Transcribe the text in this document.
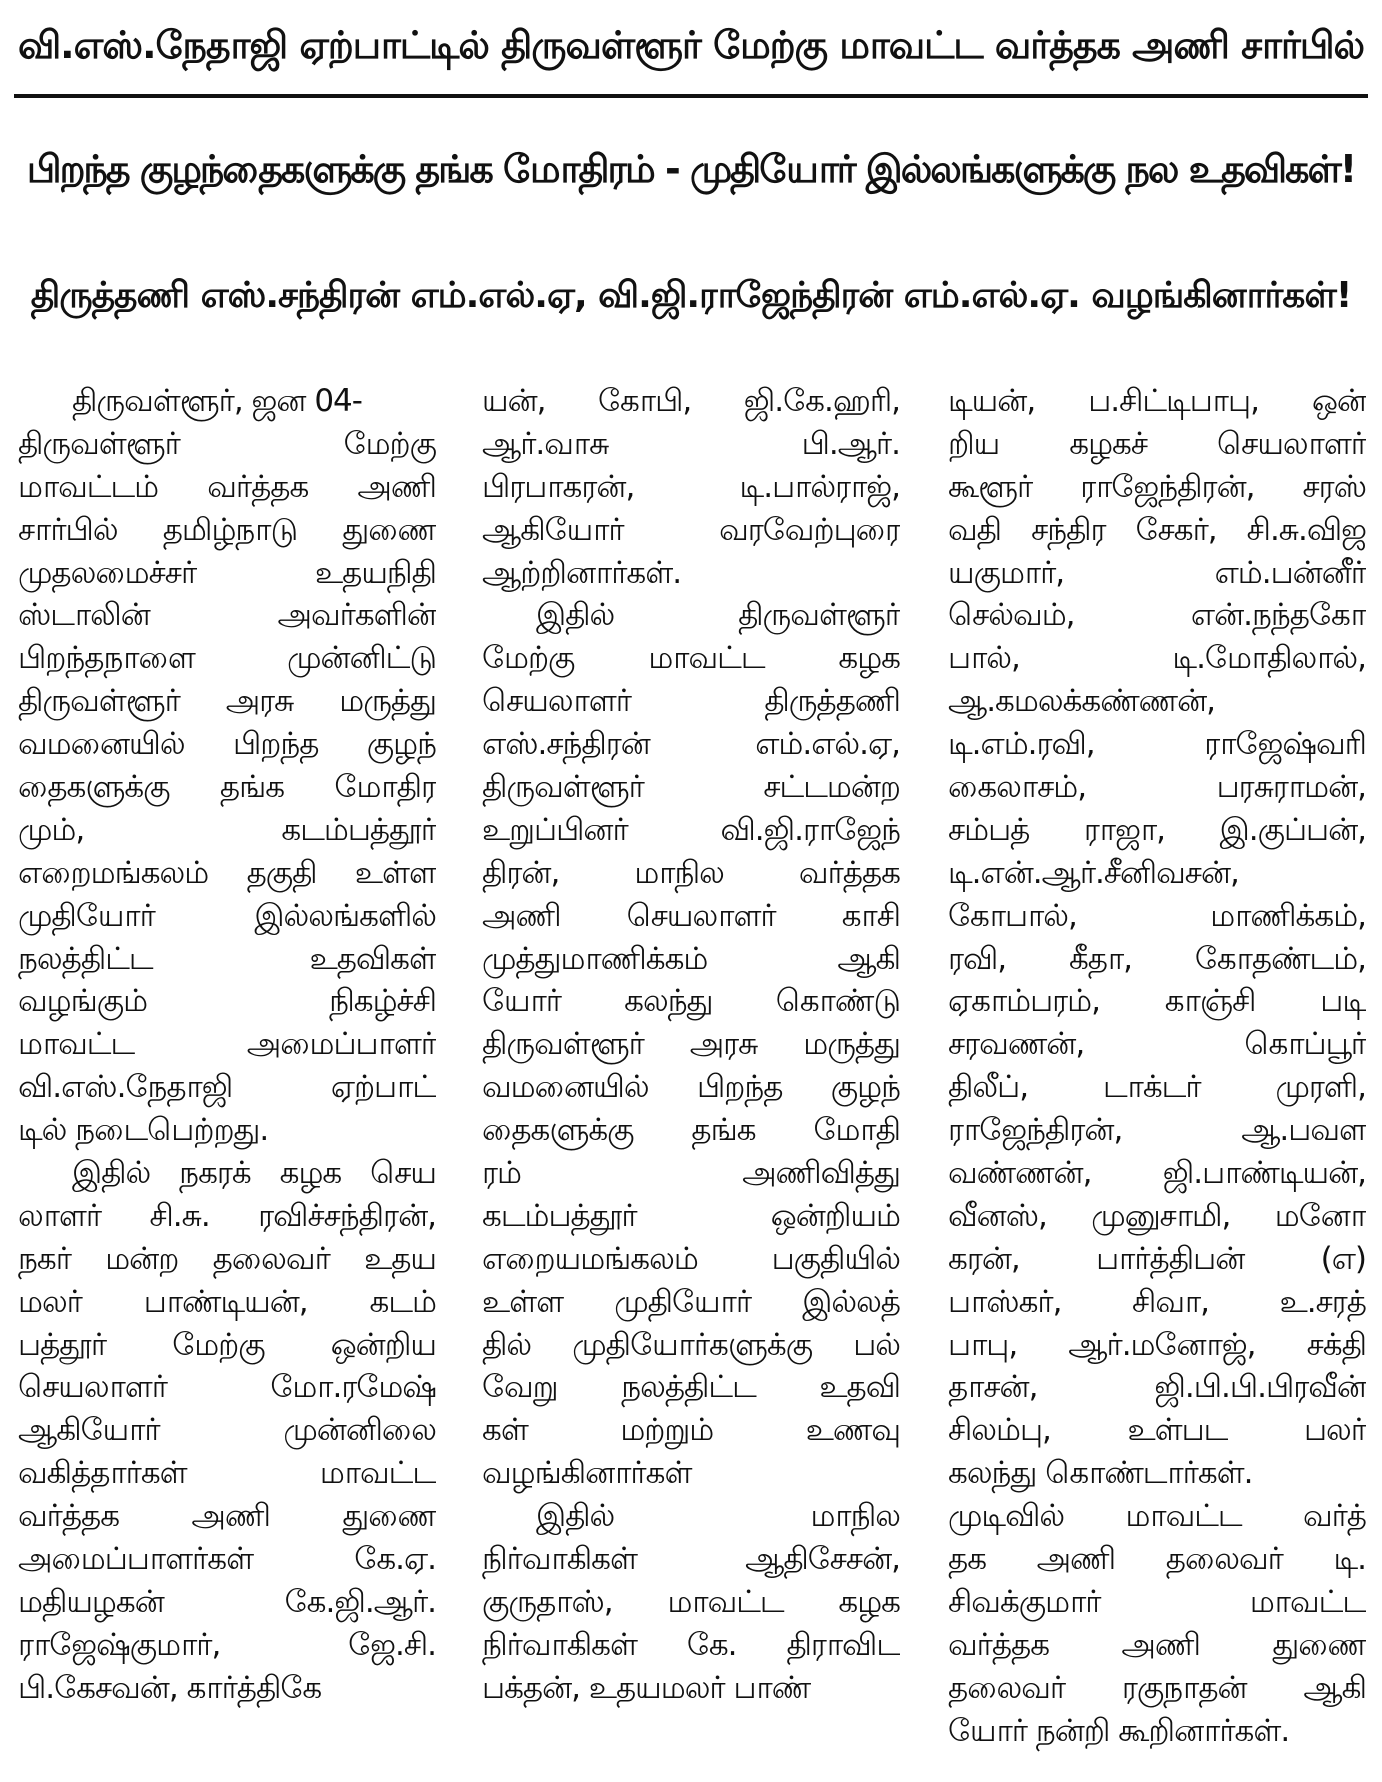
வி.எஸ்.நேதாஜி ஏற்பாட்டில் திருவள்ளூர் மேற்கு மாவட்ட வர்த்தக அணி சார்பில்
பிறந்த குழந்தைகளுக்கு தங்க மோதிரம் - முதியோர் இல்லங்களுக்கு நல உதவிகள்!
திருத்தணி எஸ்.சந்திரன் எம்.எல்.ஏ, வி.ஜி.ராஜேந்திரன் எம்.எல்.ஏ. வழங்கினார்கள்!
திருவள்ளூர், ஜன 04-
திருவள்ளூர் மேற்கு
மாவட்டம் வர்த்தக அணி
சார்பில் தமிழ்நாடு துணை
முதலமைச்சர் உதயநிதி
ஸ்டாலின் அவர்களின்
பிறந்தநாளை முன்னிட்டு
திருவள்ளூர் அரசு மருத்து
வமனையில் பிறந்த குழந்
தைகளுக்கு தங்க மோதிர
மும், கடம்பத்தூர்
எறைமங்கலம் தகுதி உள்ள
முதியோர் இல்லங்களில்
நலத்திட்ட உதவிகள்
வழங்கும் நிகழ்ச்சி
மாவட்ட அமைப்பாளர்
வி.எஸ்.நேதாஜி ஏற்பாட்
டில் நடைபெற்றது.
இதில் நகரக் கழக செய
லாளர் சி.சு. ரவிச்சந்திரன்,
நகர் மன்ற தலைவர் உதய
மலர் பாண்டியன், கடம்
பத்தூர் மேற்கு ஒன்றிய
செயலாளர் மோ.ரமேஷ்
ஆகியோர் முன்னிலை
வகித்தார்கள் மாவட்ட
வர்த்தக அணி துணை
அமைப்பாளர்கள் கே.ஏ.
மதியழகன் கே.ஜி.ஆர்.
ராஜேஷ்குமார், ஜே.சி.
பி.கேசவன், கார்த்திகே
யன், கோபி, ஜி.கே.ஹரி,
ஆர்.வாசு பி.ஆர்.
பிரபாகரன், டி.பால்ராஜ்,
ஆகியோர் வரவேற்புரை
ஆற்றினார்கள்.
இதில் திருவள்ளூர்
மேற்கு மாவட்ட கழக
செயலாளர் திருத்தணி
எஸ்.சந்திரன் எம்.எல்.ஏ,
திருவள்ளூர் சட்டமன்ற
உறுப்பினர் வி.ஜி.ராஜேந்
திரன், மாநில வர்த்தக
அணி செயலாளர் காசி
முத்துமாணிக்கம் ஆகி
யோர் கலந்து கொண்டு
திருவள்ளூர் அரசு மருத்து
வமனையில் பிறந்த குழந்
தைகளுக்கு தங்க மோதி
ரம் அணிவித்து
கடம்பத்தூர் ஒன்றியம்
எறையமங்கலம் பகுதியில்
உள்ள முதியோர் இல்லத்
தில் முதியோர்களுக்கு பல்
வேறு நலத்திட்ட உதவி
கள் மற்றும் உணவு
வழங்கினார்கள்
இதில் மாநில
நிர்வாகிகள் ஆதிசேசன்,
குருதாஸ், மாவட்ட கழக
நிர்வாகிகள் கே. திராவிட
பக்தன், உதயமலர் பாண்
டியன், ப.சிட்டிபாபு, ஒன்
றிய கழகச் செயலாளர்
கூளூர் ராஜேந்திரன், சரஸ்
வதி சந்திர சேகர், சி.சு.விஜ
யகுமார், எம்.பன்னீர்
செல்வம், என்.நந்தகோ
பால், டி.மோதிலால்,
ஆ.கமலக்கண்ணன்,
டி.எம்.ரவி, ராஜேஷ்வரி
கைலாசம், பரசுராமன்,
சம்பத் ராஜா, இ.குப்பன்,
டி.என்.ஆர்.சீனிவசன்,
கோபால், மாணிக்கம்,
ரவி, கீதா, கோதண்டம்,
ஏகாம்பரம், காஞ்சி படி
சரவணன், கொப்பூர்
திலீப், டாக்டர் முரளி,
ராஜேந்திரன், ஆ.பவள
வண்ணன், ஜி.பாண்டியன்,
வீனஸ், முனுசாமி, மனோ
கரன், பார்த்திபன் (எ)
பாஸ்கர், சிவா, உ.சரத்
பாபு, ஆர்.மனோஜ், சக்தி
தாசன், ஜி.பி.பி.பிரவீன்
சிலம்பு, உள்பட பலர்
கலந்து கொண்டார்கள்.
முடிவில் மாவட்ட வர்த்
தக அணி தலைவர் டி.
சிவக்குமார் மாவட்ட
வர்த்தக அணி துணை
தலைவர் ரகுநாதன் ஆகி
யோர் நன்றி கூறினார்கள்.
